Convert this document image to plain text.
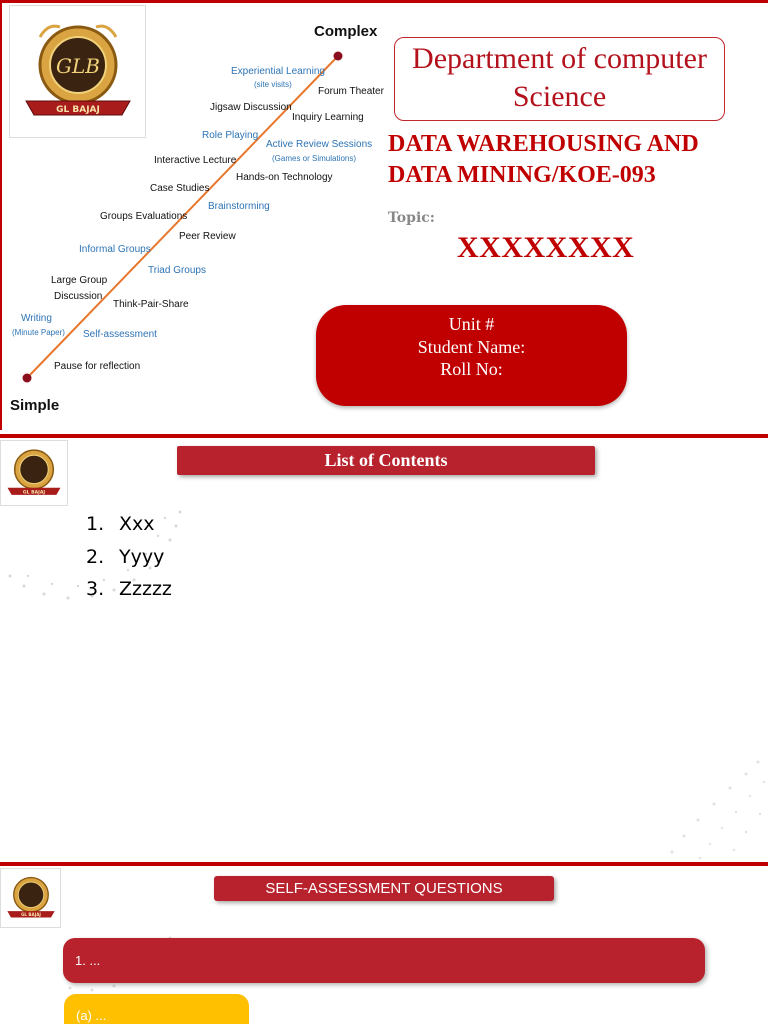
GLB
GL BAJAJ
Complex
Simple
Jigsaw Discussion
Inquiry Learning
Interactive Lecture
Hands-on Technology
Case Studies
Groups Evaluations
Peer Review
Large Group
Discussion
Think-Pair-Share
Pause for reflection
Forum Theater
Experiential Learning
(site visits)
Role Playing
Active Review Sessions
(Games or Simulations)
Brainstorming
Informal Groups
Triad Groups
Writing
(Minute Paper) Self-assessment
Department of computer Science
DATA WAREHOUSING AND
DATA MINING/KOE-093
Topic:
XXXXXXXX
Unit #
Student Name:
Roll No:
GL BAJAJ
List of Contents
1. Xxx
2. Yyyy
3. Zzzzz
GL BAJAJ
SELF-ASSESSMENT QUESTIONS
1. ...
(a) ...
